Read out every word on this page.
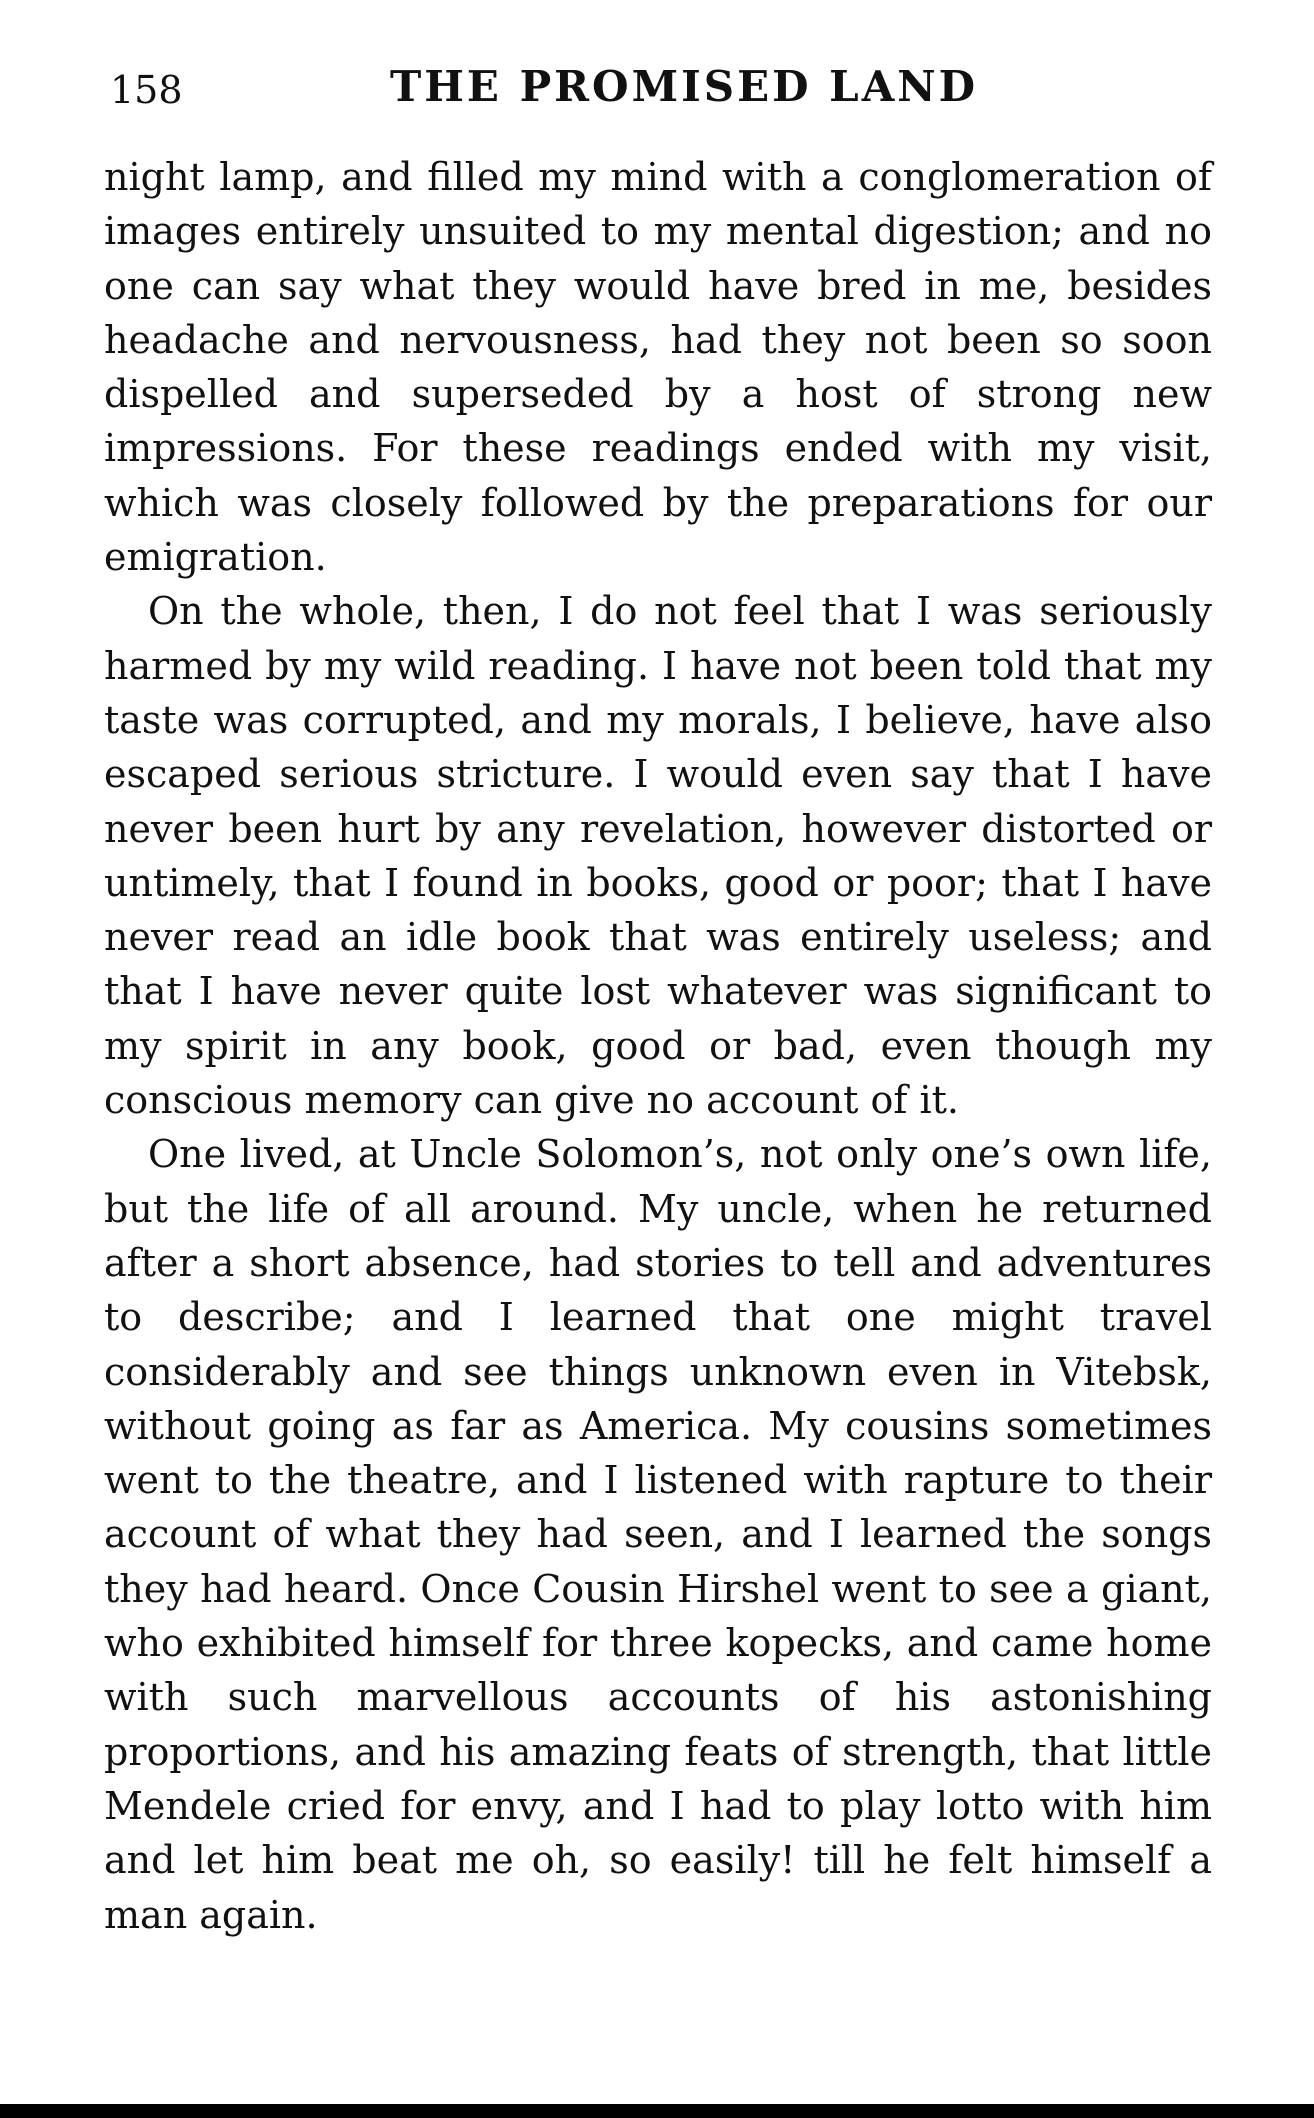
158	THE PROMISED LAND

night lamp, and filled my mind with a conglomeration of images entirely unsuited to my mental digestion; and no one can say what they would have bred in me, besides headache and nervousness, had they not been so soon dispelled and superseded by a host of strong new impressions. For these readings ended with my visit, which was closely followed by the preparations for our emigration.

On the whole, then, I do not feel that I was seriously harmed by my wild reading. I have not been told that my taste was corrupted, and my morals, I believe, have also escaped serious stricture. I would even say that I have never been hurt by any revelation, however distorted or untimely, that I found in books, good or poor; that I have never read an idle book that was entirely useless; and that I have never quite lost whatever was significant to my spirit in any book, good or bad, even though my conscious memory can give no account of it.

One lived, at Uncle Solomon’s, not only one’s own life, but the life of all around. My uncle, when he returned after a short absence, had stories to tell and adventures to describe; and I learned that one might travel considerably and see things unknown even in Vitebsk, without going as far as America. My cousins sometimes went to the theatre, and I listened with rapture to their account of what they had seen, and I learned the songs they had heard. Once Cousin Hirshel went to see a giant, who exhibited himself for three kopecks, and came home with such marvellous accounts of his astonishing proportions, and his amazing feats of strength, that little Mendele cried for envy, and I had to play lotto with him and let him beat me oh, so easily! till he felt himself a man again.
